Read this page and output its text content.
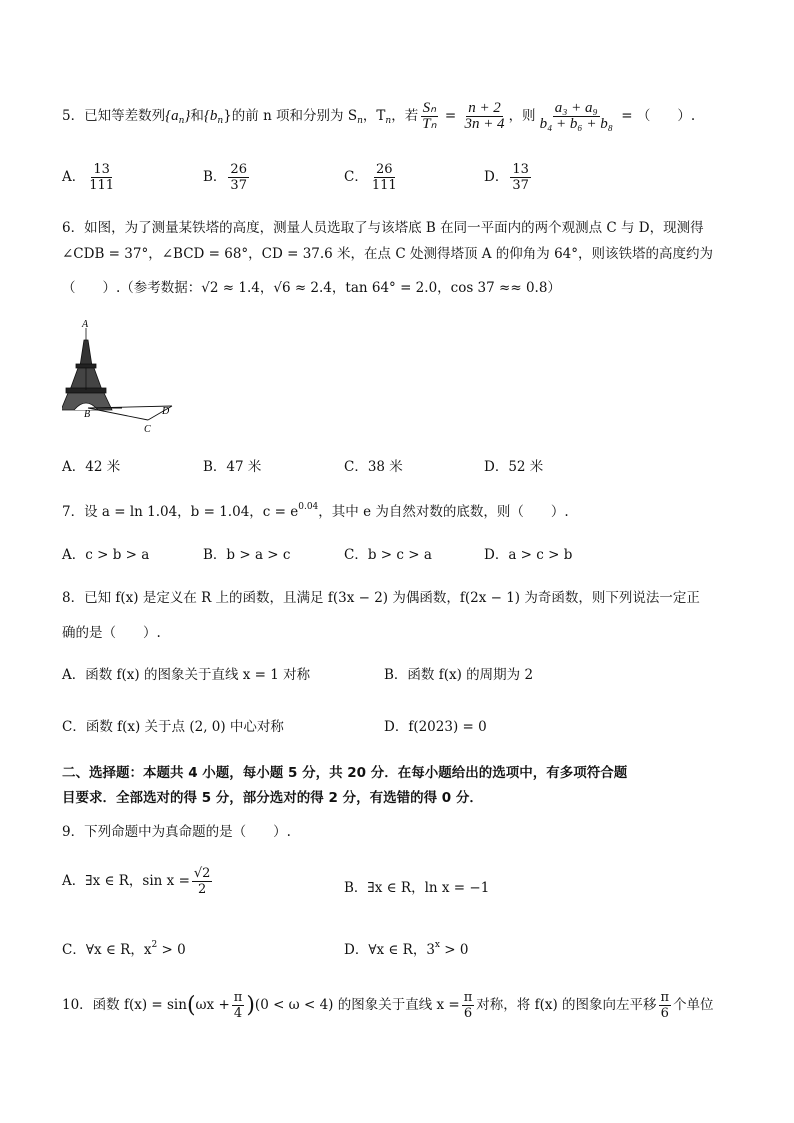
5．已知等差数列$\{a_n\}$和$\{b_n\}$的前 n 项和分别为 $S_n$，$T_n$，若 $\frac{\text{Sₙ}}{\text{Tₙ}} = \frac{n + 2}{3n + 4}$ ，则 $\frac{\text{a₃ + a₉}}{\text{b₄ + b₆ + b₈}}$ = （　　）.
A． $\frac{13}{111}$	B． $\frac{26}{37}$	C． $\frac{26}{111}$	D． $\frac{13}{37}$
6．如图，为了测量某铁塔的高度，测量人员选取了与该塔底 B 在同一平面内的两个观测点 C 与 D，现测得
∠CDB = 37°，∠BCD = 68°，CD = 37.6 米，在点 C 处测得塔顶 A 的仰角为 64°，则该铁塔的高度约为
（　　）.（参考数据：√2 ≈ 1.4，√6 ≈ 2.4，tan 64° = 2.0，cos 37 ≈≈ 0.8）
A
B
C
D
A．42 米	B．47 米	C．38 米	D．52 米
7．设 a = ln 1.04，b = 1.04，$c = e^{0.04}$，其中 e 为自然对数的底数，则（　　）.
A．c > b > a	B．b > a > c	C．b > c > a	D．a > c > b
8．已知 f(x) 是定义在 R 上的函数，且满足 f(3x − 2) 为偶函数，f(2x − 1) 为奇函数，则下列说法一定正
确的是（　　）.
A．函数 f(x) 的图象关于直线 x = 1 对称	B．函数 f(x) 的周期为 2
C．函数 f(x) 关于点 (2, 0) 中心对称	D．f(2023) = 0
二、选择题：本题共 4 小题，每小题 5 分，共 20 分．在每小题给出的选项中，有多项符合题
目要求．全部选对的得 5 分，部分选对的得 2 分，有选错的得 0 分．
9．下列命题中为真命题的是（　　）.
A．∃x ∈ R，$\sin x = \frac{√2}{2}$	B．∃x ∈ R，ln x = −1
C．∀x ∈ R，$x^2 > 0$	D．∀x ∈ R，$3^x > 0$
10．函数 $f(x) = \sin(\omega x + \frac{\pi}{4} )(0 < \omega < 4)$ 的图象关于直线 $x = \frac{\pi}{6}$ 对称，将 f(x) 的图象向左平移 $\frac{\pi}{6}$ 个单位
